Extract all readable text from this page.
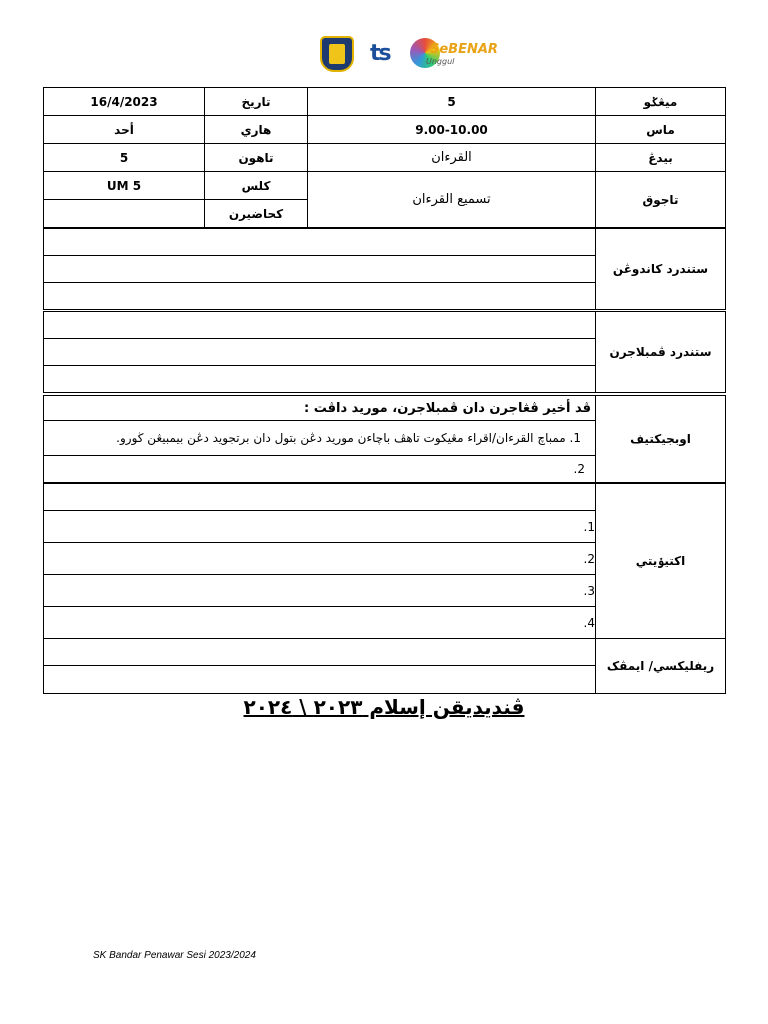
ts	SeBENAR
Unggul
16/4/2023	تاريخ	5	ميڠݢو
أحد	هاري	9.00-10.00	ماس
5	تاهون	القرءان	بيدڠ
UM 5	کلس	تسميع القرءان	تاجوق
	کحاضيرن		
	ستندرد کاندوڠن

	ستندرد ڤمبلاجرن

ڤد أخير ڤڠاجرن دان ڤمبلاجرن، موريد داڤت :	اوبجيکتيف
1. ممباچ القرءان/اقراء مڠيکوت تاهڤ باچاءن موريد دڠن بتول دان برتجويد دڠن بيمبيڠن ڬورو.
2.
	اکتيۏيتي
1.
2.
3.
4.
	ريفليکسي/ ايمڤک

ڤنديديقن إسلام ٢٠٢٣ \ ٢٠٢٤
SK Bandar Penawar Sesi 2023/2024
